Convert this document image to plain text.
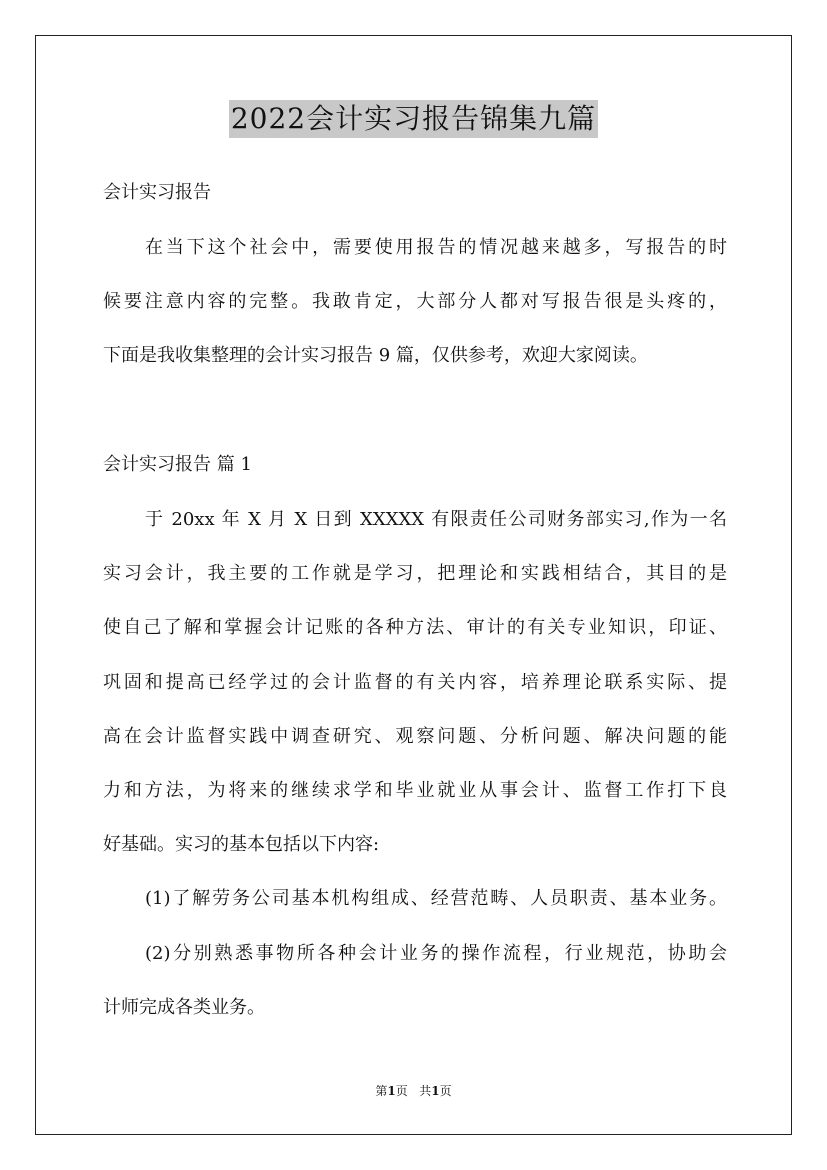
2022会计实习报告锦集九篇
会计实习报告
在当下这个社会中，需要使用报告的情况越来越多，写报告的时
候要注意内容的完整。我敢肯定，大部分人都对写报告很是头疼的，
下面是我收集整理的会计实习报告 9 篇，仅供参考，欢迎大家阅读。
会计实习报告 篇 1
于 20xx 年 X 月 X 日到 XXXXX 有限责任公司财务部实习,作为一名
实习会计，我主要的工作就是学习，把理论和实践相结合，其目的是
使自己了解和掌握会计记账的各种方法、审计的有关专业知识，印证、
巩固和提高已经学过的会计监督的有关内容，培养理论联系实际、提
高在会计监督实践中调查研究、观察问题、分析问题、解决问题的能
力和方法，为将来的继续求学和毕业就业从事会计、监督工作打下良
好基础。实习的基本包括以下内容:
(1)了解劳务公司基本机构组成、经营范畴、人员职责、基本业务。
(2)分别熟悉事物所各种会计业务的操作流程，行业规范，协助会
计师完成各类业务。
第1页 共1页
